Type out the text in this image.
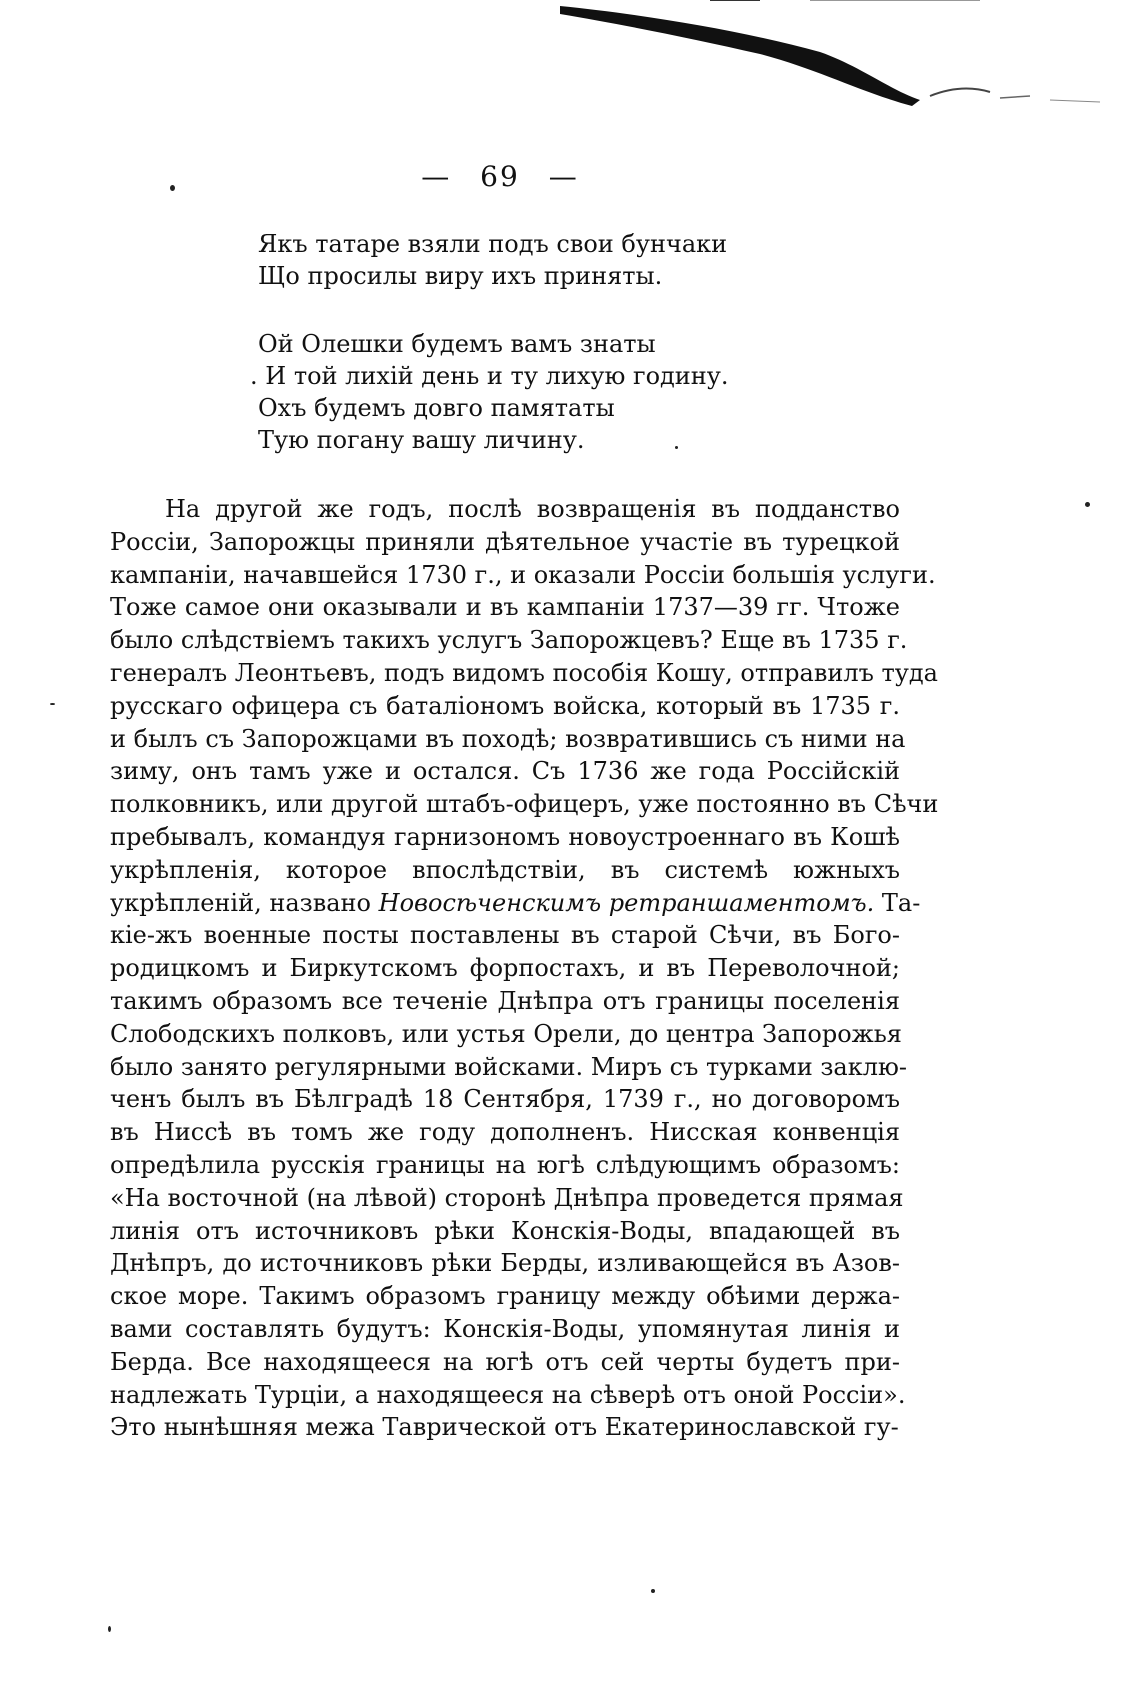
— 69 —
Якъ татаре взяли подъ свои бунчаки
Що просилы виру ихъ приняты.
Ой Олешки будемъ вамъ знаты
. И той лихій день и ту лихую годину.
Охъ будемъ довго памятаты
Тую погану вашу личину.
На другой же годъ, послѣ возвращенія въ подданство
Россіи, Запорожцы приняли дѣятельное участіе въ турецкой
кампаніи, начавшейся 1730 г., и оказали Россіи большія услуги.
Тоже самое они оказывали и въ кампаніи 1737—39 гг. Чтоже
было слѣдствіемъ такихъ услугъ Запорожцевъ? Еще въ 1735 г.
генералъ Леонтьевъ, подъ видомъ пособія Кошу, отправилъ туда
русскаго офицера съ баталіономъ войска, который въ 1735 г.
и былъ съ Запорожцами въ походѣ; возвратившись съ ними на
зиму, онъ тамъ уже и остался. Съ 1736 же года Россійскій
полковникъ, или другой штабъ-офицеръ, уже постоянно въ Сѣчи
пребывалъ, командуя гарнизономъ новоустроеннаго въ Кошѣ
укрѣпленія, которое впослѣдствіи, въ системѣ южныхъ
укрѣпленій, названо Новосѣченскимъ ретраншаментомъ. Та-
кіе-жъ военные посты поставлены въ старой Сѣчи, въ Бого-
родицкомъ и Биркутскомъ форпостахъ, и въ Переволочной;
такимъ образомъ все теченіе Днѣпра отъ границы поселенія
Слободскихъ полковъ, или устья Орели, до центра Запорожья
было занято регулярными войсками. Миръ съ турками заклю-
ченъ былъ въ Бѣлградѣ 18 Сентября, 1739 г., но договоромъ
въ Ниссѣ въ томъ же году дополненъ. Нисская конвенція
опредѣлила русскія границы на югѣ слѣдующимъ образомъ:
«На восточной (на лѣвой) сторонѣ Днѣпра проведется прямая
линія отъ источниковъ рѣки Конскія-Воды, впадающей въ
Днѣпръ, до источниковъ рѣки Берды, изливающейся въ Азов-
ское море. Такимъ образомъ границу между обѣими держа-
вами составлять будутъ: Конскія-Воды, упомянутая линія и
Берда. Все находящееся на югѣ отъ сей черты будетъ при-
надлежать Турціи, а находящееся на сѣверѣ отъ оной Россіи».
Это нынѣшняя межа Таврической отъ Екатеринославской гу-
